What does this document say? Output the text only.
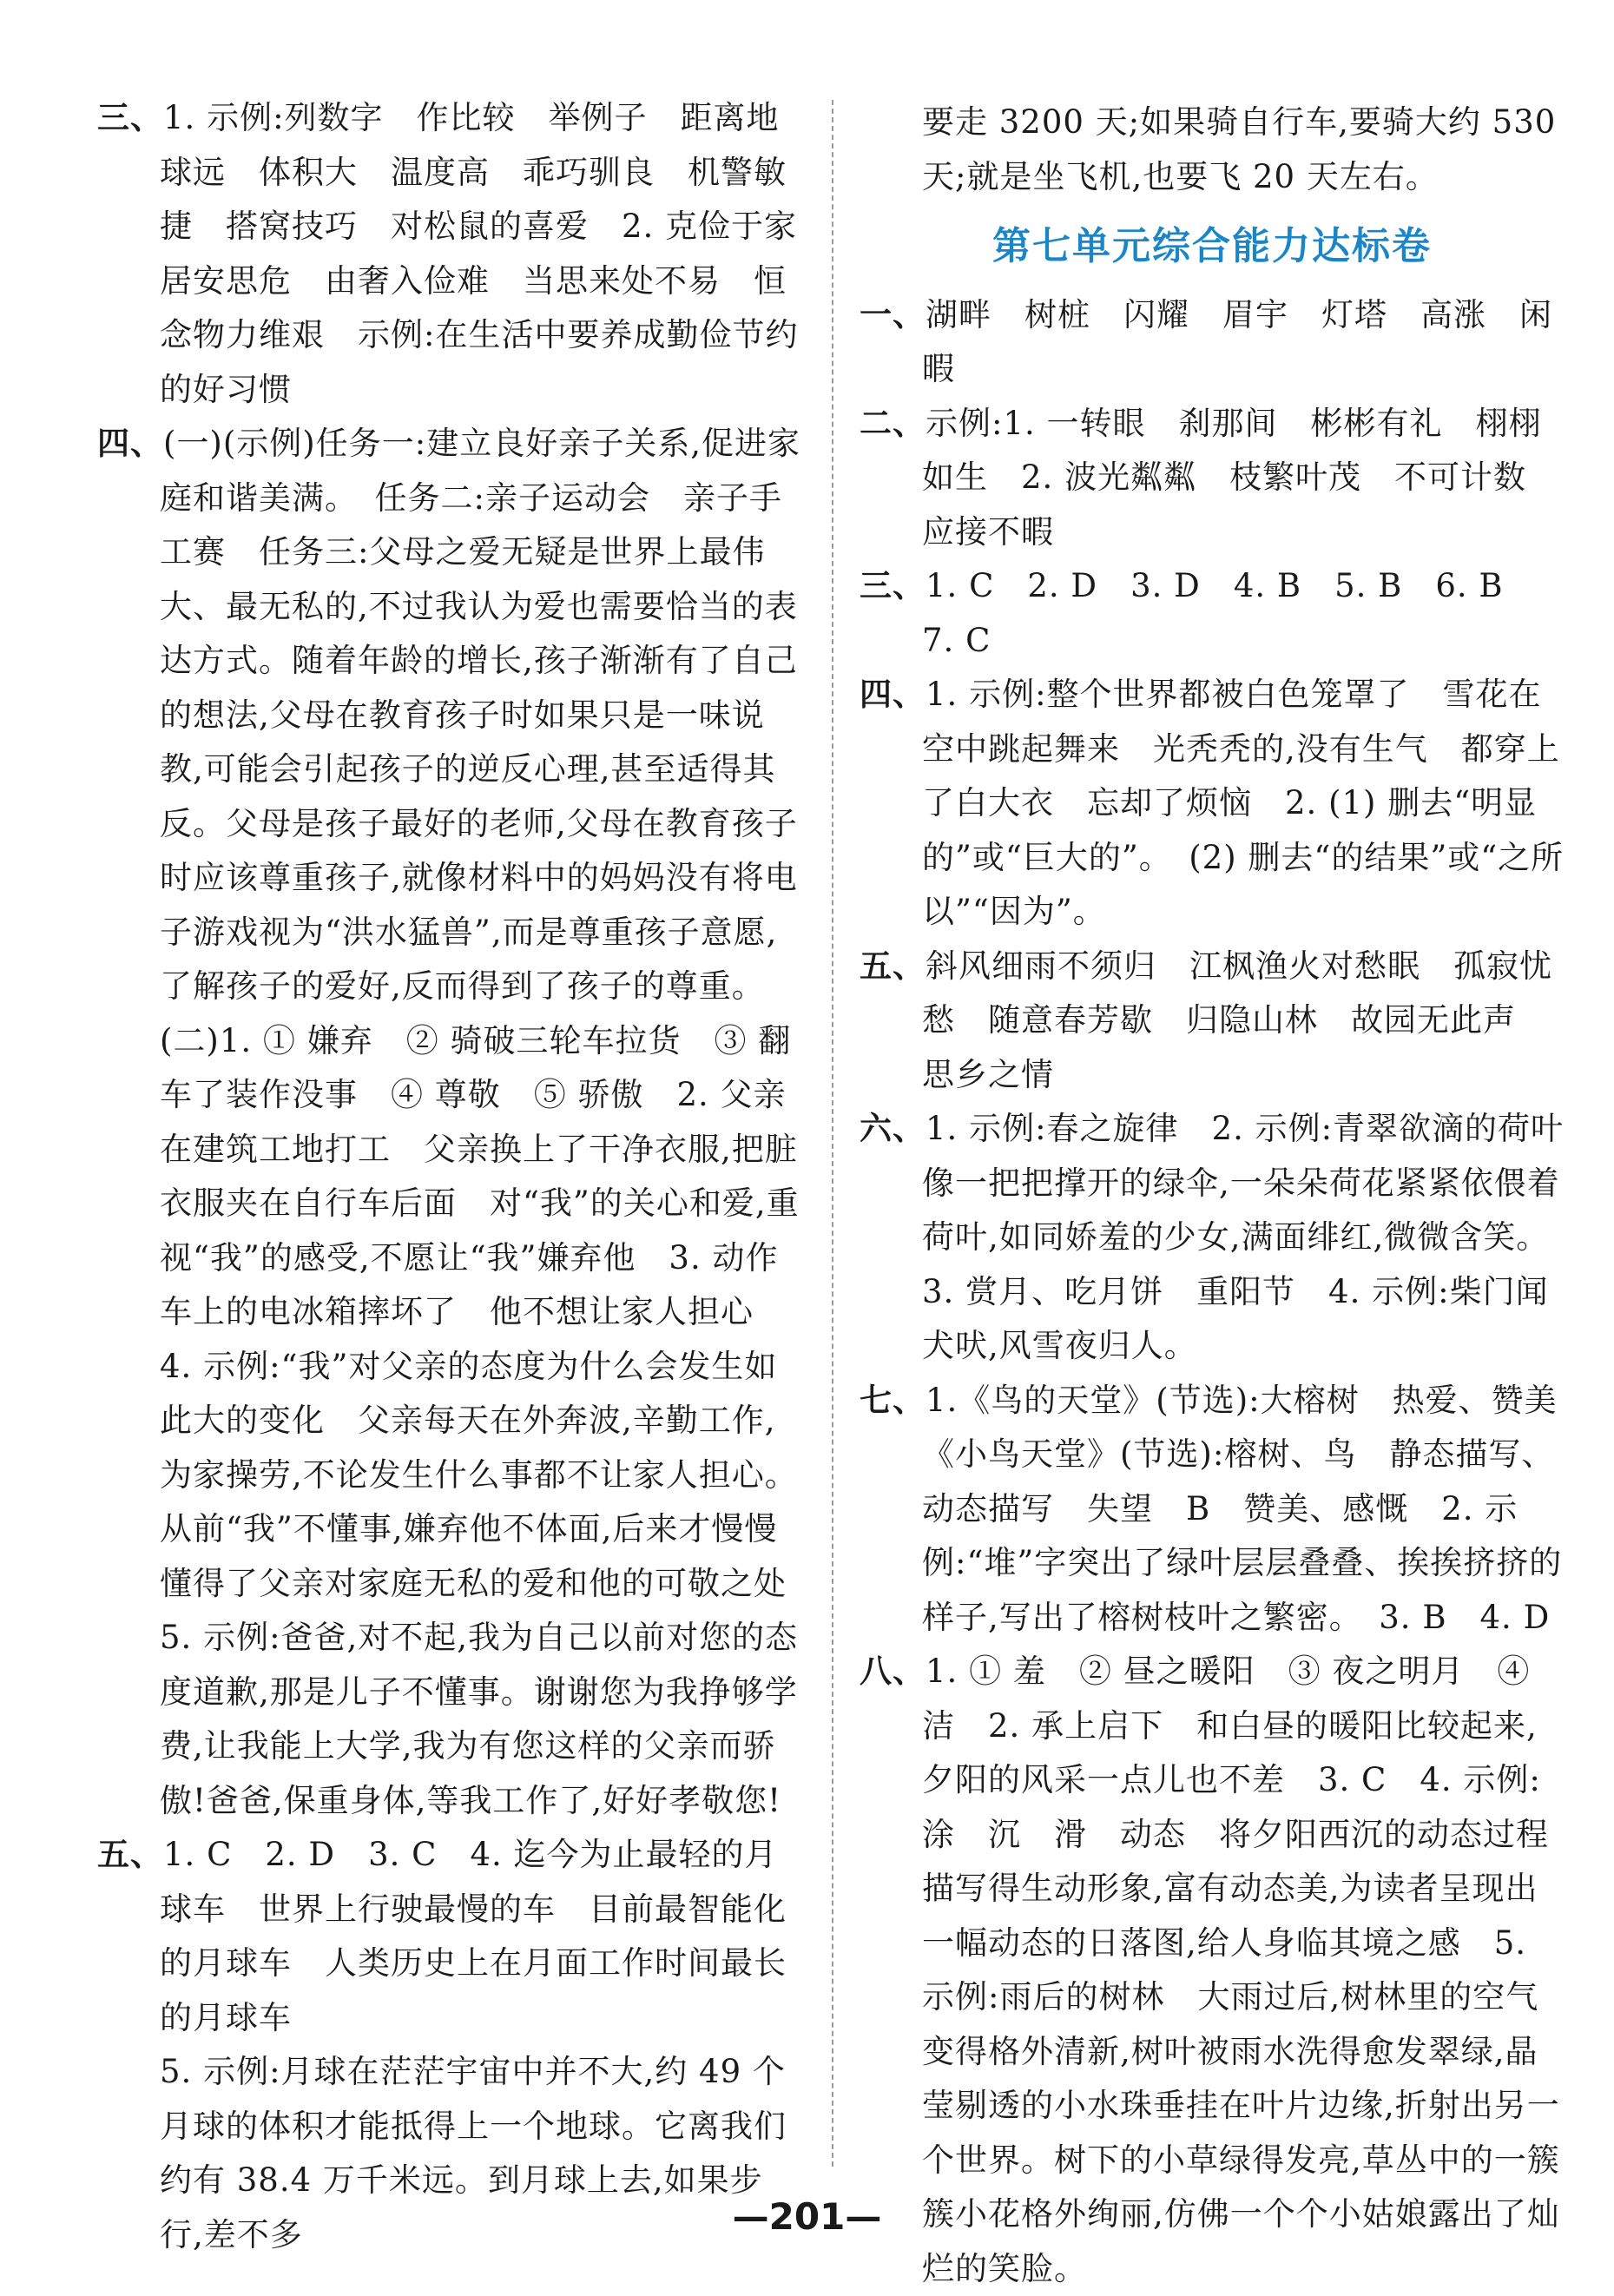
三、1. 示例:列数字　作比较　举例子　距离地球远　体积大　温度高　乖巧驯良　机警敏捷　搭窝技巧　对松鼠的喜爱　2. 克俭于家　居安思危　由奢入俭难　当思来处不易　恒念物力维艰　示例:在生活中要养成勤俭节约的好习惯

四、(一)(示例)任务一:建立良好亲子关系,促进家庭和谐美满。　任务二:亲子运动会　亲子手工赛　任务三:父母之爱无疑是世界上最伟大、最无私的,不过我认为爱也需要恰当的表达方式。随着年龄的增长,孩子渐渐有了自己的想法,父母在教育孩子时如果只是一味说教,可能会引起孩子的逆反心理,甚至适得其反。父母是孩子最好的老师,父母在教育孩子时应该尊重孩子,就像材料中的妈妈没有将电子游戏视为“洪水猛兽”,而是尊重孩子意愿,了解孩子的爱好,反而得到了孩子的尊重。

(二)1. ① 嫌弃　② 骑破三轮车拉货　③ 翻车了装作没事　④ 尊敬　⑤ 骄傲　2. 父亲在建筑工地打工　父亲换上了干净衣服,把脏衣服夹在自行车后面　对“我”的关心和爱,重视“我”的感受,不愿让“我”嫌弃他　3. 动作　车上的电冰箱摔坏了　他不想让家人担心

4. 示例:“我”对父亲的态度为什么会发生如此大的变化　父亲每天在外奔波,辛勤工作,为家操劳,不论发生什么事都不让家人担心。从前“我”不懂事,嫌弃他不体面,后来才慢慢懂得了父亲对家庭无私的爱和他的可敬之处　5. 示例:爸爸,对不起,我为自己以前对您的态度道歉,那是儿子不懂事。谢谢您为我挣够学费,让我能上大学,我为有您这样的父亲而骄傲!爸爸,保重身体,等我工作了,好好孝敬您!

五、1. C　2. D　3. C　4. 迄今为止最轻的月球车　世界上行驶最慢的车　目前最智能化的月球车　人类历史上在月面工作时间最长的月球车

5. 示例:月球在茫茫宇宙中并不大,约 49 个月球的体积才能抵得上一个地球。它离我们约有 38.4 万千米远。到月球上去,如果步行,差不多

要走 3200 天;如果骑自行车,要骑大约 530 天;就是坐飞机,也要飞 20 天左右。

第七单元综合能力达标卷

一、湖畔　树桩　闪耀　眉宇　灯塔　高涨　闲暇

二、示例:1. 一转眼　刹那间　彬彬有礼　栩栩如生　2. 波光粼粼　枝繁叶茂　不可计数　应接不暇

三、1. C　2. D　3. D　4. B　5. B　6. B　7. C

四、1. 示例:整个世界都被白色笼罩了　雪花在空中跳起舞来　光秃秃的,没有生气　都穿上了白大衣　忘却了烦恼　2. (1) 删去“明显的”或“巨大的”。　(2) 删去“的结果”或“之所以”“因为”。

五、斜风细雨不须归　江枫渔火对愁眠　孤寂忧愁　随意春芳歇　归隐山林　故园无此声　思乡之情

六、1. 示例:春之旋律　2. 示例:青翠欲滴的荷叶像一把把撑开的绿伞,一朵朵荷花紧紧依偎着荷叶,如同娇羞的少女,满面绯红,微微含笑。

3. 赏月、吃月饼　重阳节　4. 示例:柴门闻犬吠,风雪夜归人。

七、1.《鸟的天堂》(节选):大榕树　热爱、赞美　《小鸟天堂》(节选):榕树、鸟　静态描写、动态描写　失望　B　赞美、感慨　2. 示例:“堆”字突出了绿叶层层叠叠、挨挨挤挤的样子,写出了榕树枝叶之繁密。　3. B　4. D

八、1. ① 羞　② 昼之暖阳　③ 夜之明月　④ 洁　2. 承上启下　和白昼的暖阳比较起来,夕阳的风采一点儿也不差　3. C　4. 示例:涂　沉　滑　动态　将夕阳西沉的动态过程描写得生动形象,富有动态美,为读者呈现出一幅动态的日落图,给人身临其境之感　5. 示例:雨后的树林　大雨过后,树林里的空气变得格外清新,树叶被雨水洗得愈发翠绿,晶莹剔透的小水珠垂挂在叶片边缘,折射出另一个世界。树下的小草绿得发亮,草丛中的一簇簇小花格外绚丽,仿佛一个个小姑娘露出了灿烂的笑脸。

—201—
